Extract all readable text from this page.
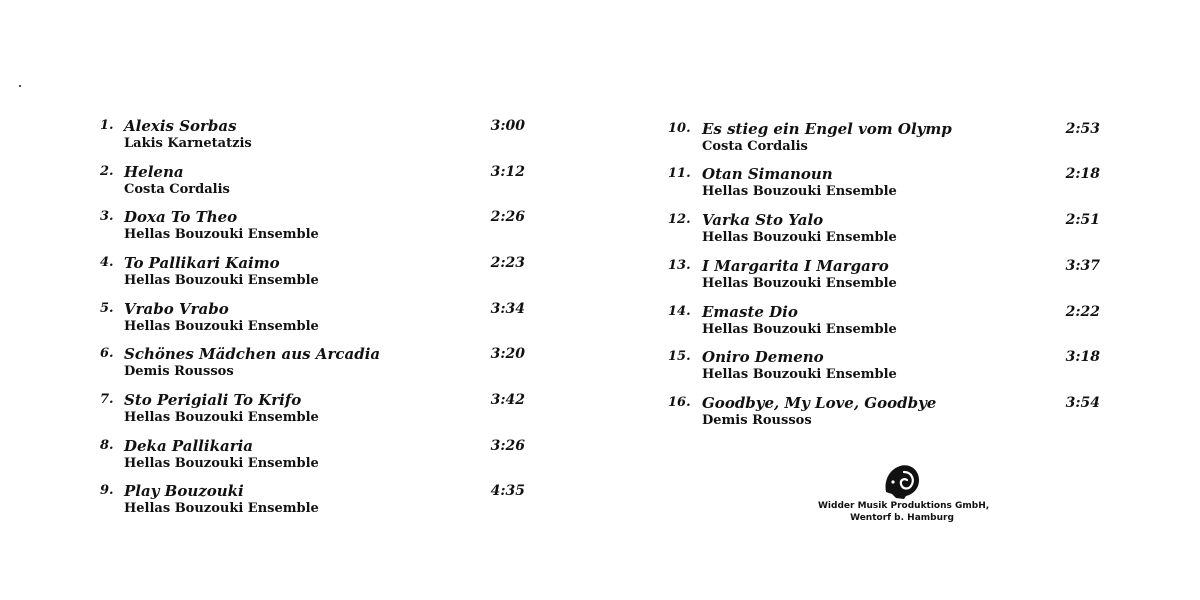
1. Alexis Sorbas	3:00
Lakis Karnetatzis
2. Helena	3:12
Costa Cordalis
3. Doxa To Theo	2:26
Hellas Bouzouki Ensemble
4. To Pallikari Kaimo	2:23
Hellas Bouzouki Ensemble
5. Vrabo Vrabo	3:34
Hellas Bouzouki Ensemble
6. Schönes Mädchen aus Arcadia	3:20
Demis Roussos
7. Sto Perigiali To Krifo	3:42
Hellas Bouzouki Ensemble
8. Deka Pallikaria	3:26
Hellas Bouzouki Ensemble
9. Play Bouzouki	4:35
Hellas Bouzouki Ensemble
10. Es stieg ein Engel vom Olymp	2:53
Costa Cordalis
11. Otan Simanoun	2:18
Hellas Bouzouki Ensemble
12. Varka Sto Yalo	2:51
Hellas Bouzouki Ensemble
13. I Margarita I Margaro	3:37
Hellas Bouzouki Ensemble
14. Emaste Dio	2:22
Hellas Bouzouki Ensemble
15. Oniro Demeno	3:18
Hellas Bouzouki Ensemble
16. Goodbye, My Love, Goodbye	3:54
Demis Roussos
Widder Musik Produktions GmbH,
Wentorf b. Hamburg
